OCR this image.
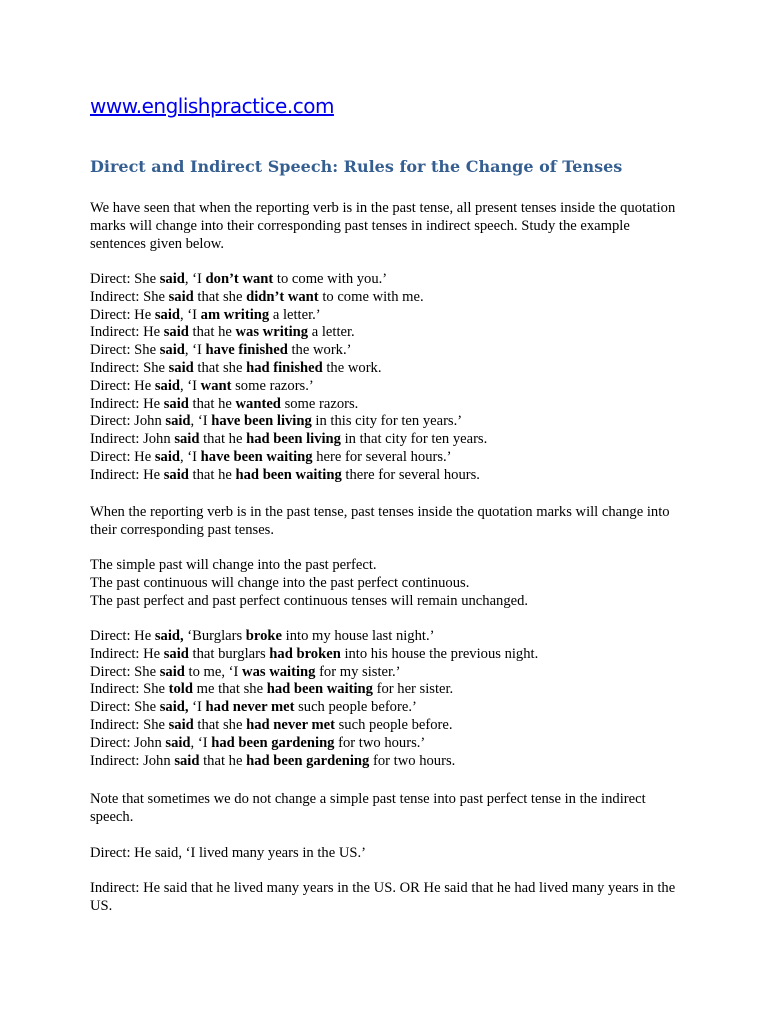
www.englishpractice.com
Direct and Indirect Speech: Rules for the Change of Tenses
We have seen that when the reporting verb is in the past tense, all present tenses inside the quotation marks will change into their corresponding past tenses in indirect speech. Study the example sentences given below.
Direct: She said, ‘I don’t want to come with you.’
Indirect: She said that she didn’t want to come with me.
Direct: He said, ‘I am writing a letter.’
Indirect: He said that he was writing a letter.
Direct: She said, ‘I have finished the work.’
Indirect: She said that she had finished the work.
Direct: He said, ‘I want some razors.’
Indirect: He said that he wanted some razors.
Direct: John said, ‘I have been living in this city for ten years.’
Indirect: John said that he had been living in that city for ten years.
Direct: He said, ‘I have been waiting here for several hours.’
Indirect: He said that he had been waiting there for several hours.
When the reporting verb is in the past tense, past tenses inside the quotation marks will change into their corresponding past tenses.
The simple past will change into the past perfect.
The past continuous will change into the past perfect continuous.
The past perfect and past perfect continuous tenses will remain unchanged.
Direct: He said, ‘Burglars broke into my house last night.’
Indirect: He said that burglars had broken into his house the previous night.
Direct: She said to me, ‘I was waiting for my sister.’
Indirect: She told me that she had been waiting for her sister.
Direct: She said, ‘I had never met such people before.’
Indirect: She said that she had never met such people before.
Direct: John said, ‘I had been gardening for two hours.’
Indirect: John said that he had been gardening for two hours.
Note that sometimes we do not change a simple past tense into past perfect tense in the indirect speech.
Direct: He said, ‘I lived many years in the US.’
Indirect: He said that he lived many years in the US. OR He said that he had lived many years in the US.
